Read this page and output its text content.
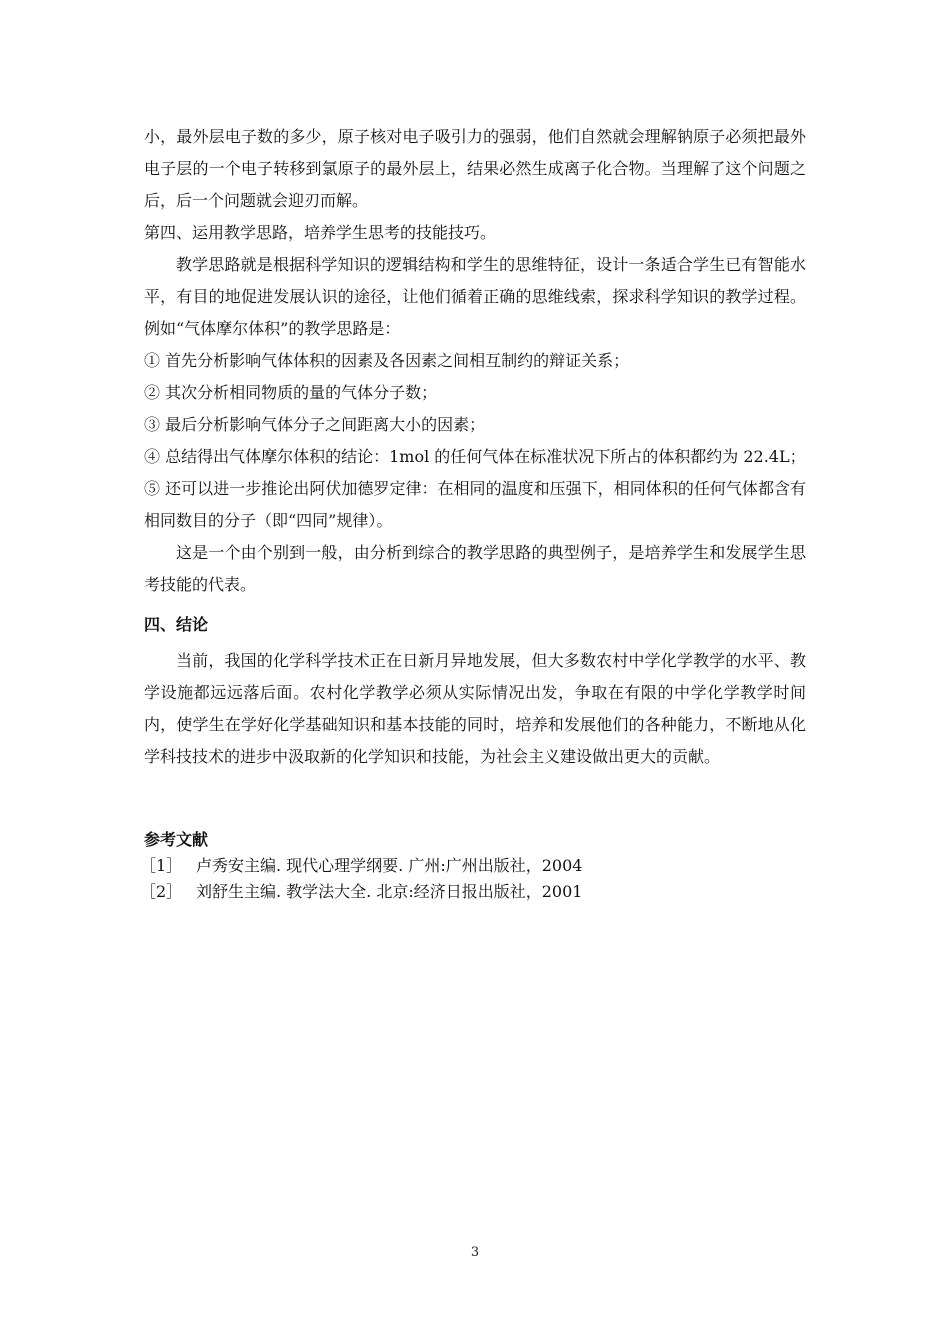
小，最外层电子数的多少，原子核对电子吸引力的强弱，他们自然就会理解钠原子必须把最外电子层的一个电子转移到氯原子的最外层上，结果必然生成离子化合物。当理解了这个问题之后，后一个问题就会迎刃而解。

第四、运用教学思路，培养学生思考的技能技巧。

教学思路就是根据科学知识的逻辑结构和学生的思维特征，设计一条适合学生已有智能水平，有目的地促进发展认识的途径，让他们循着正确的思维线索，探求科学知识的教学过程。例如“气体摩尔体积”的教学思路是：

① 首先分析影响气体体积的因素及各因素之间相互制约的辩证关系；

② 其次分析相同物质的量的气体分子数；

③ 最后分析影响气体分子之间距离大小的因素；

④ 总结得出气体摩尔体积的结论：1mol 的任何气体在标准状况下所占的体积都约为 22.4L；

⑤ 还可以进一步推论出阿伏加德罗定律：在相同的温度和压强下，相同体积的任何气体都含有相同数目的分子（即“四同”规律）。

这是一个由个别到一般，由分析到综合的教学思路的典型例子，是培养学生和发展学生思考技能的代表。

四、结论

当前，我国的化学科学技术正在日新月异地发展，但大多数农村中学化学教学的水平、教学设施都远远落后面。农村化学教学必须从实际情况出发，争取在有限的中学化学教学时间内，使学生在学好化学基础知识和基本技能的同时，培养和发展他们的各种能力，不断地从化学科技技术的进步中汲取新的化学知识和技能，为社会主义建设做出更大的贡献。

参考文献
［1］ 卢秀安主编. 现代心理学纲要. 广州:广州出版社，2004
［2］ 刘舒生主编. 教学法大全. 北京:经济日报出版社，2001
3
